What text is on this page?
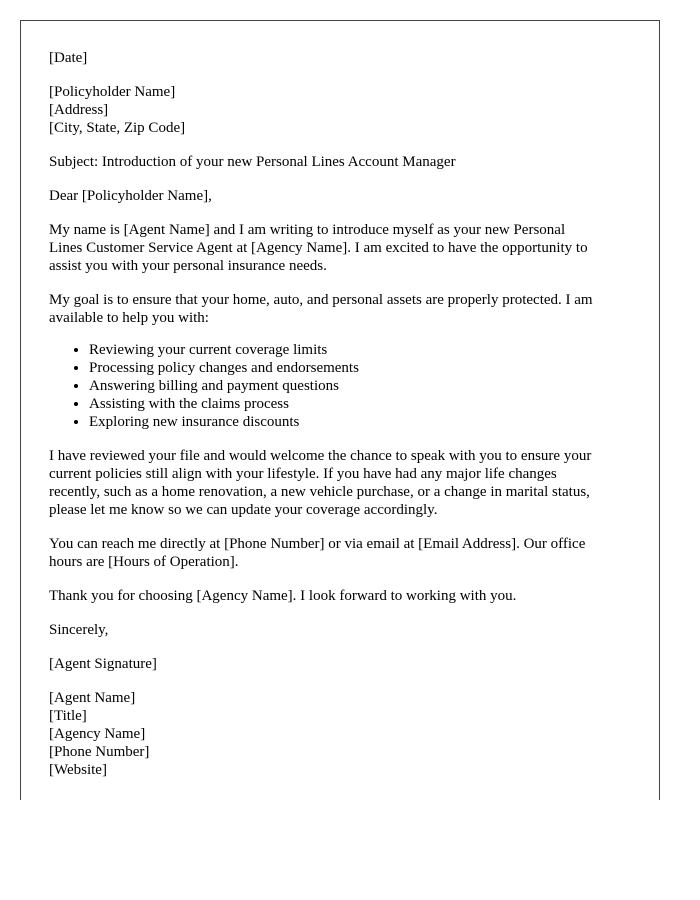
[Date]
[Policyholder Name]
[Address]
[City, State, Zip Code]
Subject: Introduction of your new Personal Lines Account Manager
Dear [Policyholder Name],
My name is [Agent Name] and I am writing to introduce myself as your new Personal
Lines Customer Service Agent at [Agency Name]. I am excited to have the opportunity to
assist you with your personal insurance needs.
My goal is to ensure that your home, auto, and personal assets are properly protected. I am
available to help you with:
• Reviewing your current coverage limits
• Processing policy changes and endorsements
• Answering billing and payment questions
• Assisting with the claims process
• Exploring new insurance discounts
I have reviewed your file and would welcome the chance to speak with you to ensure your
current policies still align with your lifestyle. If you have had any major life changes
recently, such as a home renovation, a new vehicle purchase, or a change in marital status,
please let me know so we can update your coverage accordingly.
You can reach me directly at [Phone Number] or via email at [Email Address]. Our office
hours are [Hours of Operation].
Thank you for choosing [Agency Name]. I look forward to working with you.
Sincerely,
[Agent Signature]
[Agent Name]
[Title]
[Agency Name]
[Phone Number]
[Website]
